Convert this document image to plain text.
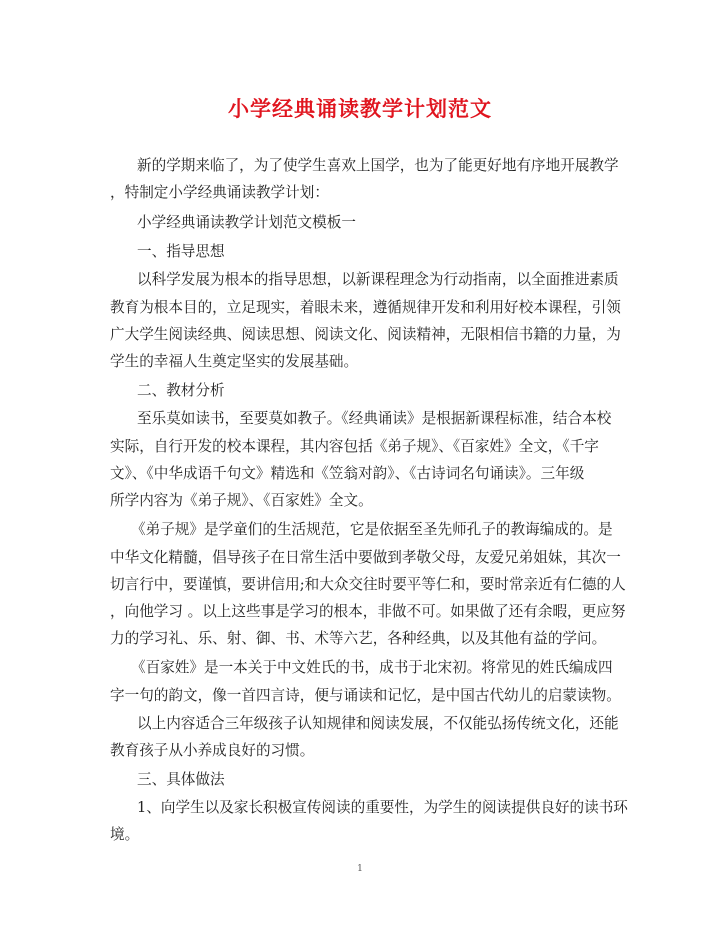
小学经典诵读教学计划范文

新的学期来临了，为了使学生喜欢上国学，也为了能更好地有序地开展教学

，特制定小学经典诵读教学计划：

小学经典诵读教学计划范文模板一

一、指导思想

以科学发展为根本的指导思想，以新课程理念为行动指南，以全面推进素质

教育为根本目的，立足现实，着眼未来，遵循规律开发和利用好校本课程，引领

广大学生阅读经典、阅读思想、阅读文化、阅读精神，无限相信书籍的力量，为

学生的幸福人生奠定坚实的发展基础。

二、教材分析

至乐莫如读书，至要莫如教子。《经典诵读》是根据新课程标准，结合本校

实际，自行开发的校本课程，其内容包括《弟子规》、《百家姓》全文，《千字

文》、《中华成语千句文》精选和《笠翁对韵》、《古诗词名句诵读》。三年级

所学内容为《弟子规》、《百家姓》全文。

《弟子规》是学童们的生活规范，它是依据至圣先师孔子的教诲编成的。是

中华文化精髓，倡导孩子在日常生活中要做到孝敬父母，友爱兄弟姐妹，其次一

切言行中，要谨慎，要讲信用;和大众交往时要平等仁和，要时常亲近有仁德的人

，向他学习 。以上这些事是学习的根本，非做不可。如果做了还有余暇，更应努

力的学习礼、乐、射、御、书、术等六艺，各种经典，以及其他有益的学问。

《百家姓》是一本关于中文姓氏的书，成书于北宋初。将常见的姓氏编成四

字一句的韵文，像一首四言诗，便与诵读和记忆，是中国古代幼儿的启蒙读物。

以上内容适合三年级孩子认知规律和阅读发展，不仅能弘扬传统文化，还能

教育孩子从小养成良好的习惯。

三、具体做法

1、向学生以及家长积极宣传阅读的重要性，为学生的阅读提供良好的读书环

境。

1
